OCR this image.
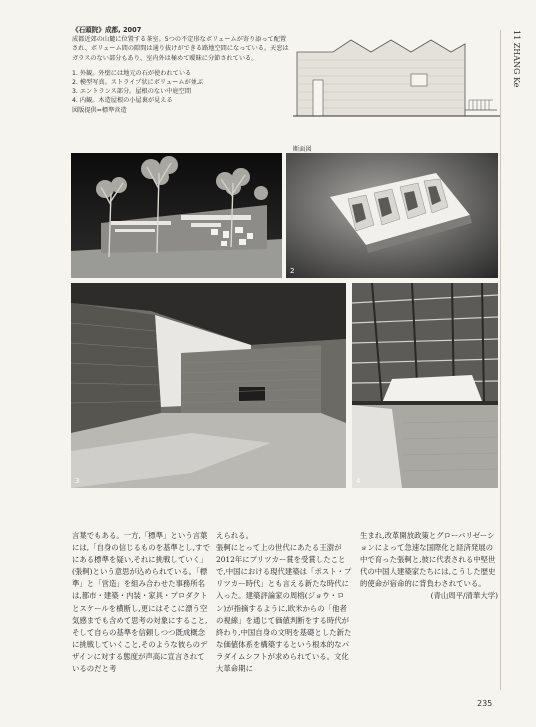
《石頭院》成都, 2007

成都近郊の山麓に位置する茶室。5つの不定形なボリュームが寄り添って配置され、ボリューム間の隙間は通り抜けができる路地空間になっている。天窓はガラスのない部分もあり、室内外は極めて曖昧に分節されている。

1. 外観。外壁には地元の石が使われている
2. 模型写真。ストライプ状にボリュームが並ぶ
3. エントランス部分。屋根のない中庭空間
4. 内観。木造屋根の小屋裏が見える

図版提供=標準営造

断面図
11 ZHANG Ke
2
3	4

言葉でもある。一方,「標準」という言葉には,「自身の信じるものを基準とし,すでにある標準を疑い,それに挑戦していく」(張軻)という意思が込められている。「標準」と「営造」を組み合わせた事務所名は,都市・建築・内装・家具・プロダクトとスケールを横断し,更にはそこに漂う空気感までも含めて思考の対象にすること,そして自らの基準を信頼しつつ既成概念に挑戦していくこと,そのような彼らのデザインに対する態度が声高に宣言されているのだと考

えられる。
張軻にとって上の世代にあたる王澍が2012年にプリツカー賞を受賞したことで,中国における現代建築は「ポスト・プリツカー時代」とも言える新たな時代に入った。建築評論家の周榕(ジョウ・ロン)が指摘するように,欧米からの「他者の視線」を通じて価値判断をする時代が終わり,中国自身の文明を基礎とした新たな価値体系を構築するという根本的なパラダイムシフトが求められている。文化大革命期に

生まれ,改革開放政策とグローバリゼーションによって急速な国際化と経済発展の中で育った張軻と,彼に代表される中堅世代の中国人建築家たちには,こうした歴史的使命が宿命的に背負わされている。

(青山周平/清華大学)

235
